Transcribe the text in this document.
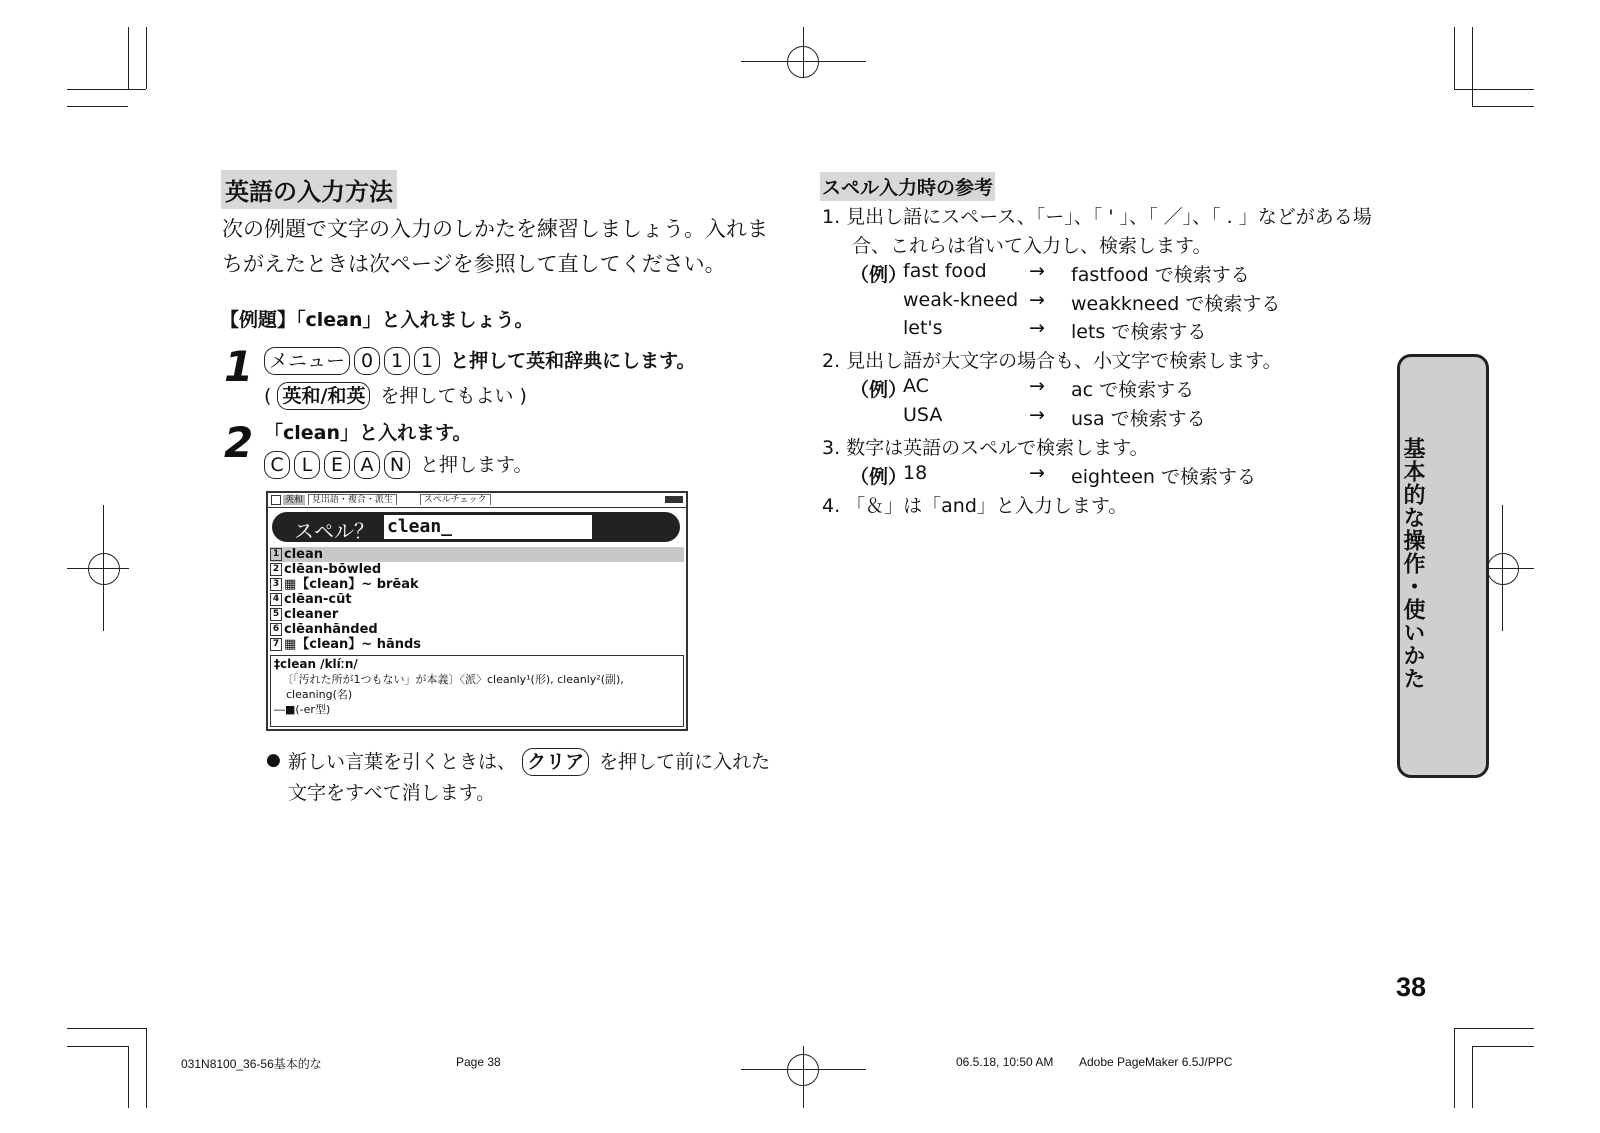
英語の入力方法
次の例題で文字の入力のしかたを練習しましょう。入れま
ちがえたときは次ページを参照して直してください。
【例題】「clean」と入れましょう。
1 メニュー 0 1 1 と押して英和辞典にします。
( 英和/和英 を押してもよい )
2 「clean」と入れます。
C L E A N と押します。
英和 見出語・複合・派生	スペルチェック
スペル？ clean_
1 clean
2 clēan-bōwled
3 ▦【clean】~ brēak
4 clēan-cūt
5 cleaner
6 clēanhānded
7 ▦【clean】~ hānds
‡clean /klíːn/
〔「汚れた所が1つもない」が本義〕〈派〉cleanly¹(形), cleanly²(副),
cleaning(名)
―■(-er型)
● 新しい言葉を引くときは、 クリア を押して前に入れた
文字をすべて消します。
スペル入力時の参考
1. 見出し語にスペース、「ー」、「 ' 」、「 ／」、「 . 」などがある場
合、これらは省いて入力し、検索します。
（例）
fast food → fastfood で検索する
weak-kneed → weakkneed で検索する
let's	→ lets で検索する
2. 見出し語が大文字の場合も、小文字で検索します。
（例）
AC	→ ac で検索する
USA	→ usa で検索する
3. 数字は英語のスペルで検索します。
（例）
18	→ eighteen で検索する
4. 「＆」は「and」と入力します。	基本的な操作・使いかた
38
031N8100_36-56基本的な	Page 38	06.5.18, 10:50 AM Adobe PageMaker 6.5J/PPC
